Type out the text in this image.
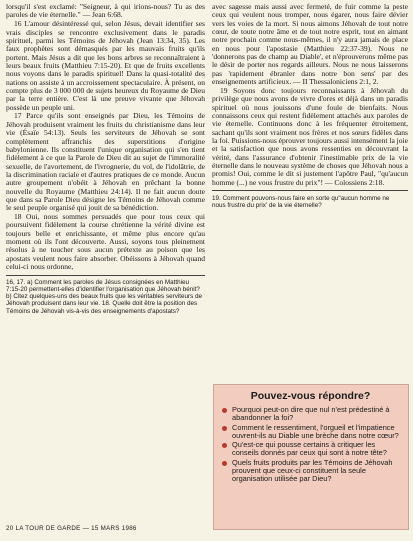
lorsqu'il s'est exclamé: "Seigneur, à qui irions-nous? Tu as des paroles de vie éternelle." — Jean 6:68.

16 L'amour désintéressé qui, selon Jésus, devait identifier ses vrais disciples se rencontre exclusivement dans le paradis spirituel, parmi les Témoins de Jéhovah (Jean 13:34, 35). Les faux prophètes sont démasqués par les mauvais fruits qu'ils portent. Mais Jésus a dit que les bons arbres se reconnaîtraient à leurs beaux fruits (Matthieu 7:15-20). Et que de fruits excellents nous voyons dans le paradis spirituel! Dans la quasi-totalité des nations on assiste à un accroissement spectaculaire. À présent, on compte plus de 3 000 000 de sujets heureux du Royaume de Dieu par la terre entière. C'est là une preuve vivante que Jéhovah possède un peuple uni.

17 Parce qu'ils sont enseignés par Dieu, les Témoins de Jéhovah produisent vraiment les fruits du christianisme dans leur vie (Ésaïe 54:13). Seuls les serviteurs de Jéhovah se sont complètement affranchis des superstitions d'origine babylonienne. Ils constituent l'unique organisation qui s'en tient fidèlement à ce que la Parole de Dieu dit au sujet de l'immoralité sexuelle, de l'avortement, de l'ivrognerie, du vol, de l'idolâtrie, de la discrimination raciale et d'autres pratiques de ce monde. Aucun autre groupement n'obéit à Jéhovah en prêchant la bonne nouvelle du Royaume (Matthieu 24:14). Il ne fait aucun doute que dans sa Parole Dieu désigne les Témoins de Jéhovah comme le seul peuple organisé qui jouit de sa bénédiction.

18 Oui, nous sommes persuadés que pour tous ceux qui poursuivent fidèlement la course chrétienne la vérité divine est toujours belle et enrichissante, et même plus encore qu'au moment où ils l'ont découverte. Aussi, soyons tous pleinement résolus à ne toucher sous aucun prétexte au poison que les apostats veulent nous faire absorber. Obéissons à Jéhovah quand celui-ci nous ordonne,

16, 17. a) Comment les paroles de Jésus consignées en Matthieu 7:15-20 permettent-elles d'identifier l'organisation que Jéhovah bénit? b) Citez quelques-uns des beaux fruits que les véritables serviteurs de Jéhovah produisent dans leur vie. 18. Quelle doit être la position des Témoins de Jéhovah vis-à-vis des enseignements d'apostats?

avec sagesse mais aussi avec fermeté, de fuir comme la peste ceux qui veulent nous tromper, nous égarer, nous faire dévier vers les voies de la mort. Si nous aimons Jéhovah de tout notre cœur, de toute notre âme et de tout notre esprit, tout en aimant notre prochain comme nous-mêmes, il n'y aura jamais de place en nous pour l'apostasie (Matthieu 22:37-39). Nous ne 'donnerons pas de champ au Diable', et n'éprouverons même pas le désir de porter nos regards ailleurs. Nous ne nous laisserons pas 'rapidement ébranler dans notre bon sens' par des enseignements artificieux. — II Thessaloniciens 2:1, 2.

19 Soyons donc toujours reconnaissants à Jéhovah du privilège que nous avons de vivre d'ores et déjà dans un paradis spirituel où nous jouissons d'une foule de bienfaits. Nous connaissons ceux qui restent fidèlement attachés aux paroles de vie éternelle. Continuons donc à les fréquenter étroitement, sachant qu'ils sont vraiment nos frères et nos sœurs fidèles dans la foi. Puissions-nous éprouver toujours aussi intensément la joie et la satisfaction que nous avons ressenties en découvrant la vérité, dans l'assurance d'obtenir l'inestimable prix de la vie éternelle dans le nouveau système de choses que Jéhovah nous a promis! Oui, comme le dit si justement l'apôtre Paul, "qu'aucun homme (...) ne vous frustre du prix"! — Colossiens 2:18.

19. Comment pouvons-nous faire en sorte qu''aucun homme ne nous frustre du prix' de la vie éternelle?

Pouvez-vous répondre?
Pourquoi peut-on dire que nul n'est prédestiné à abandonner la foi?
Comment le ressentiment, l'orgueil et l'impatience ouvrent-ils au Diable une brèche dans notre cœur?
Qu'est-ce qui pousse certains à critiquer les conseils donnés par ceux qui sont à notre tête?
Quels fruits produits par les Témoins de Jéhovah prouvent que ceux-ci constituent la seule organisation utilisée par Dieu?
20 LA TOUR DE GARDE — 15 MARS 1986
